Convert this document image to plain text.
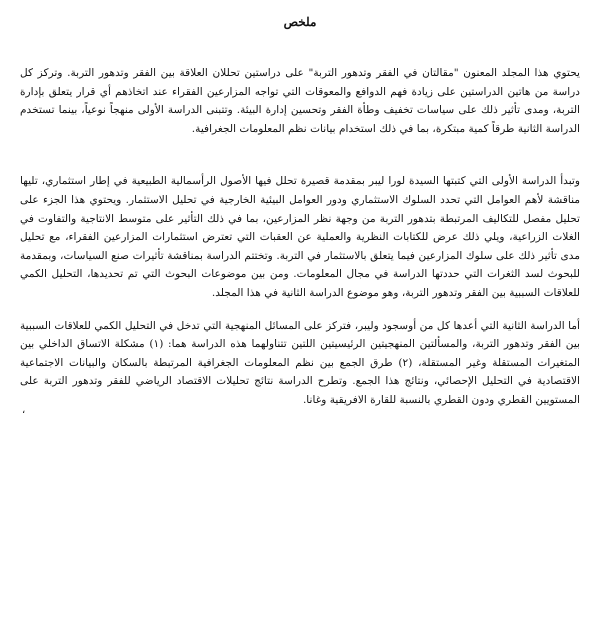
ملخص

يحتوي هذا المجلد المعنون "مقالتان في الفقر وتدهور التربة" على دراستين تحللان العلاقة بين الفقر وتدهور التربة. وتركز كل دراسة من هاتين الدراستين على زيادة فهم الدوافع والمعوقات التي تواجه المزارعين الفقراء عند اتخاذهم أي قرار يتعلق بإدارة التربة، ومدى تأثير ذلك على سياسات تخفيف وطأة الفقر وتحسين إدارة البيئة. وتتبنى الدراسة الأولى منهجاً نوعياً، بينما تستخدم الدراسة الثانية طرقاً كمية مبتكرة، بما في ذلك استخدام بيانات نظم المعلومات الجغرافية.

وتبدأ الدراسة الأولى التي كتبتها السيدة لورا ليبر بمقدمة قصيرة تحلل فيها الأصول الرأسمالية الطبيعية في إطار استثماري، تليها مناقشة لأهم العوامل التي تحدد السلوك الاستثماري ودور العوامل البيئية الخارجية في تحليل الاستثمار. ويحتوي هذا الجزء على تحليل مفصل للتكاليف المرتبطة بتدهور التربة من وجهة نظر المزارعين، بما في ذلك التأثير على متوسط الانتاجية والتفاوت في الغلات الزراعية، ويلي ذلك عرض للكتابات النظرية والعملية عن العقبات التي تعترض استثمارات المزارعين الفقراء، مع تحليل مدى تأثير ذلك على سلوك المزارعين فيما يتعلق بالاستثمار في التربة. وتختتم الدراسة بمناقشة تأثيرات صنع السياسات، وبمقدمة للبحوث لسد الثغرات التي حددتها الدراسة في مجال المعلومات. ومن بين موضوعات البحوث التي تم تحديدها، التحليل الكمي للعلاقات السببية بين الفقر وتدهور التربة، وهو موضوع الدراسة الثانية في هذا المجلد.

أما الدراسة الثانية التي أعدها كل من أوسجود وليبر، فتركز على المسائل المنهجية التي تدخل في التحليل الكمي للعلاقات السببية بين الفقر وتدهور التربة، والمسألتين المنهجيتين الرئيسيتين اللتين تتناولهما هذه الدراسة هما: (١) مشكلة الاتساق الداخلي بين المتغيرات المستقلة وغير المستقلة، (٢) طرق الجمع بين نظم المعلومات الجغرافية المرتبطة بالسكان والبيانات الاجتماعية الاقتصادية في التحليل الإحصائي، ونتائج هذا الجمع. وتطرح الدراسة نتائج تحليلات الاقتصاد الرياضي للفقر وتدهور التربة على المستويين القطري ودون القطري بالنسبة للقارة الافريقية وغانا.

،
